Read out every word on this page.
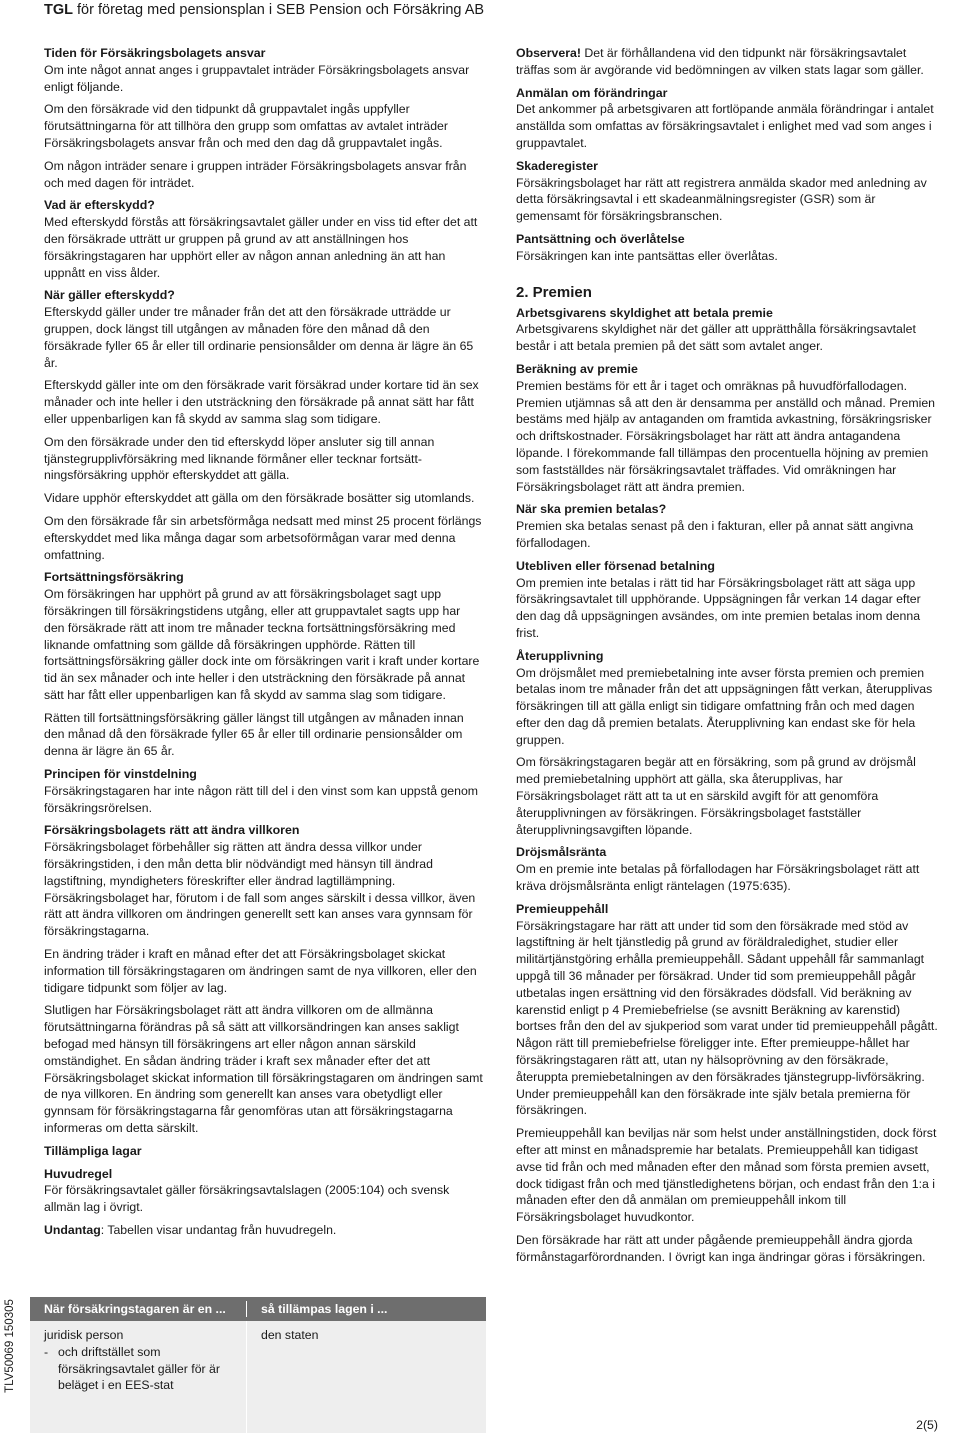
TGL för företag med pensionsplan i SEB Pension och Försäkring AB
Tiden för Försäkringsbolagets ansvar

Om inte något annat anges i gruppavtalet inträder Försäkringsbolagets ansvar enligt följande.

Om den försäkrade vid den tidpunkt då gruppavtalet ingås uppfyller förutsättningarna för att tillhöra den grupp som omfattas av avtalet inträder Försäkringsbolagets ansvar från och med den dag då gruppavtalet ingås.

Om någon inträder senare i gruppen inträder Försäkringsbolagets ansvar från och med dagen för inträdet.

Vad är efterskydd?

Med efterskydd förstås att försäkringsavtalet gäller under en viss tid efter det att den försäkrade utträtt ur gruppen på grund av att anställningen hos försäkringstagaren har upphört eller av någon annan anledning än att han uppnått en viss ålder.

När gäller efterskydd?

Efterskydd gäller under tre månader från det att den försäkrade utträdde ur gruppen, dock längst till utgången av månaden före den månad då den försäkrade fyller 65 år eller till ordinarie pensionsålder om denna är lägre än 65 år.

Efterskydd gäller inte om den försäkrade varit försäkrad under kortare tid än sex månader och inte heller i den utsträckning den försäkrade på annat sätt har fått eller uppenbarligen kan få skydd av samma slag som tidigare.

Om den försäkrade under den tid efterskydd löper ansluter sig till annan tjänstegrupplivförsäkring med liknande förmåner eller tecknar fortsätt-ningsförsäkring upphör efterskyddet att gälla.

Vidare upphör efterskyddet att gälla om den försäkrade bosätter sig utomlands.

Om den försäkrade får sin arbetsförmåga nedsatt med minst 25 procent förlängs efterskyddet med lika många dagar som arbetsoförmågan varar med denna omfattning.

Fortsättningsförsäkring

Om försäkringen har upphört på grund av att försäkringsbolaget sagt upp försäkringen till försäkringstidens utgång, eller att gruppavtalet sagts upp har den försäkrade rätt att inom tre månader teckna fortsättningsförsäkring med liknande omfattning som gällde då försäkringen upphörde. Rätten till fortsättningsförsäkring gäller dock inte om försäkringen varit i kraft under kortare tid än sex månader och inte heller i den utsträckning den försäkrade på annat sätt har fått eller uppenbarligen kan få skydd av samma slag som tidigare.

Rätten till fortsättningsförsäkring gäller längst till utgången av månaden innan den månad då den försäkrade fyller 65 år eller till ordinarie pensionsålder om denna är lägre än 65 år.

Principen för vinstdelning

Försäkringstagaren har inte någon rätt till del i den vinst som kan uppstå genom försäkringsrörelsen.

Försäkringsbolagets rätt att ändra villkoren

Försäkringsbolaget förbehåller sig rätten att ändra dessa villkor under försäkringstiden, i den mån detta blir nödvändigt med hänsyn till ändrad lagstiftning, myndigheters föreskrifter eller ändrad lagtillämpning. Försäkringsbolaget har, förutom i de fall som anges särskilt i dessa villkor, även rätt att ändra villkoren om ändringen generellt sett kan anses vara gynnsam för försäkringstagarna.

En ändring träder i kraft en månad efter det att Försäkringsbolaget skickat information till försäkringstagaren om ändringen samt de nya villkoren, eller den tidigare tidpunkt som följer av lag.

Slutligen har Försäkringsbolaget rätt att ändra villkoren om de allmänna förutsättningarna förändras på så sätt att villkorsändringen kan anses sakligt befogad med hänsyn till försäkringens art eller någon annan särskild omständighet. En sådan ändring träder i kraft sex månader efter det att Försäkringsbolaget skickat information till försäkringstagaren om ändringen samt de nya villkoren. En ändring som generellt kan anses vara obetydligt eller gynnsam för försäkringstagarna får genomföras utan att försäkringstagarna informeras om detta särskilt.

Tillämpliga lagar
Huvudregel

För försäkringsavtalet gäller försäkringsavtalslagen (2005:104) och svensk allmän lag i övrigt.

Undantag: Tabellen visar undantag från huvudregeln.
När försäkringstagaren är en ...	så tillämpas lagen i ...
juridisk person
- och driftstället som försäkringsavtalet gäller för är beläget i en EES-stat
den staten

Observera! Det är förhållandena vid den tidpunkt när försäkringsavtalet träffas som är avgörande vid bedömningen av vilken stats lagar som gäller.

Anmälan om förändringar

Det ankommer på arbetsgivaren att fortlöpande anmäla förändringar i antalet anställda som omfattas av försäkringsavtalet i enlighet med vad som anges i gruppavtalet.

Skaderegister

Försäkringsbolaget har rätt att registrera anmälda skador med anledning av detta försäkringsavtal i ett skadeanmälningsregister (GSR) som är gemensamt för försäkringsbranschen.

Pantsättning och överlåtelse

Försäkringen kan inte pantsättas eller överlåtas.

2. Premien
Arbetsgivarens skyldighet att betala premie

Arbetsgivarens skyldighet när det gäller att upprätthålla försäkringsavtalet består i att betala premien på det sätt som avtalet anger.

Beräkning av premie

Premien bestäms för ett år i taget och omräknas på huvudförfallodagen. Premien utjämnas så att den är densamma per anställd och månad. Premien bestäms med hjälp av antaganden om framtida avkastning, försäkringsrisker och driftskostnader. Försäkringsbolaget har rätt att ändra antagandena löpande. I förekommande fall tillämpas den procentuella höjning av premien som fastställdes när försäkringsavtalet träffades. Vid omräkningen har Försäkringsbolaget rätt att ändra premien.

När ska premien betalas?

Premien ska betalas senast på den i fakturan, eller på annat sätt angivna förfallodagen.

Utebliven eller försenad betalning

Om premien inte betalas i rätt tid har Försäkringsbolaget rätt att säga upp försäkringsavtalet till upphörande. Uppsägningen får verkan 14 dagar efter den dag då uppsägningen avsändes, om inte premien betalas inom denna frist.

Återupplivning

Om dröjsmålet med premiebetalning inte avser första premien och premien betalas inom tre månader från det att uppsägningen fått verkan, återupplivas försäkringen till att gälla enligt sin tidigare omfattning från och med dagen efter den dag då premien betalats. Återupplivning kan endast ske för hela gruppen.

Om försäkringstagaren begär att en försäkring, som på grund av dröjsmål med premiebetalning upphört att gälla, ska återupplivas, har Försäkringsbolaget rätt att ta ut en särskild avgift för att genomföra återupplivningen av försäkringen. Försäkringsbolaget fastställer återupplivningsavgiften löpande.

Dröjsmålsränta

Om en premie inte betalas på förfallodagen har Försäkringsbolaget rätt att kräva dröjsmålsränta enligt räntelagen (1975:635).

Premieuppehåll

Försäkringstagare har rätt att under tid som den försäkrade med stöd av lagstiftning är helt tjänstledig på grund av föräldraledighet, studier eller militärtjänstgöring erhålla premieuppehåll. Sådant uppehåll får sammanlagt uppgå till 36 månader per försäkrad. Under tid som premieuppehåll pågår utbetalas ingen ersättning vid den försäkrades dödsfall. Vid beräkning av karenstid enligt p 4 Premiebefrielse (se avsnitt Beräkning av karenstid) bortses från den del av sjukperiod som varat under tid premieuppehåll pågått. Någon rätt till premiebefrielse föreligger inte. Efter premieuppe-hållet har försäkringstagaren rätt att, utan ny hälsoprövning av den försäkrade, återuppta premiebetalningen av den försäkrades tjänstegrupp-livförsäkring. Under premieuppehåll kan den försäkrade inte själv betala premierna för försäkringen.

Premieuppehåll kan beviljas när som helst under anställningstiden, dock först efter att minst en månadspremie har betalats. Premieuppehåll kan tidigast avse tid från och med månaden efter den månad som första premien avsett, dock tidigast från och med tjänstledighetens början, och endast från den 1:a i månaden efter den då anmälan om premieuppehåll inkom till Försäkringsbolaget huvudkontor.

Den försäkrade har rätt att under pågående premieuppehåll ändra gjorda förmånstagarförordnanden. I övrigt kan inga ändringar göras i försäkringen.

TLV50069 150305
2(5)
